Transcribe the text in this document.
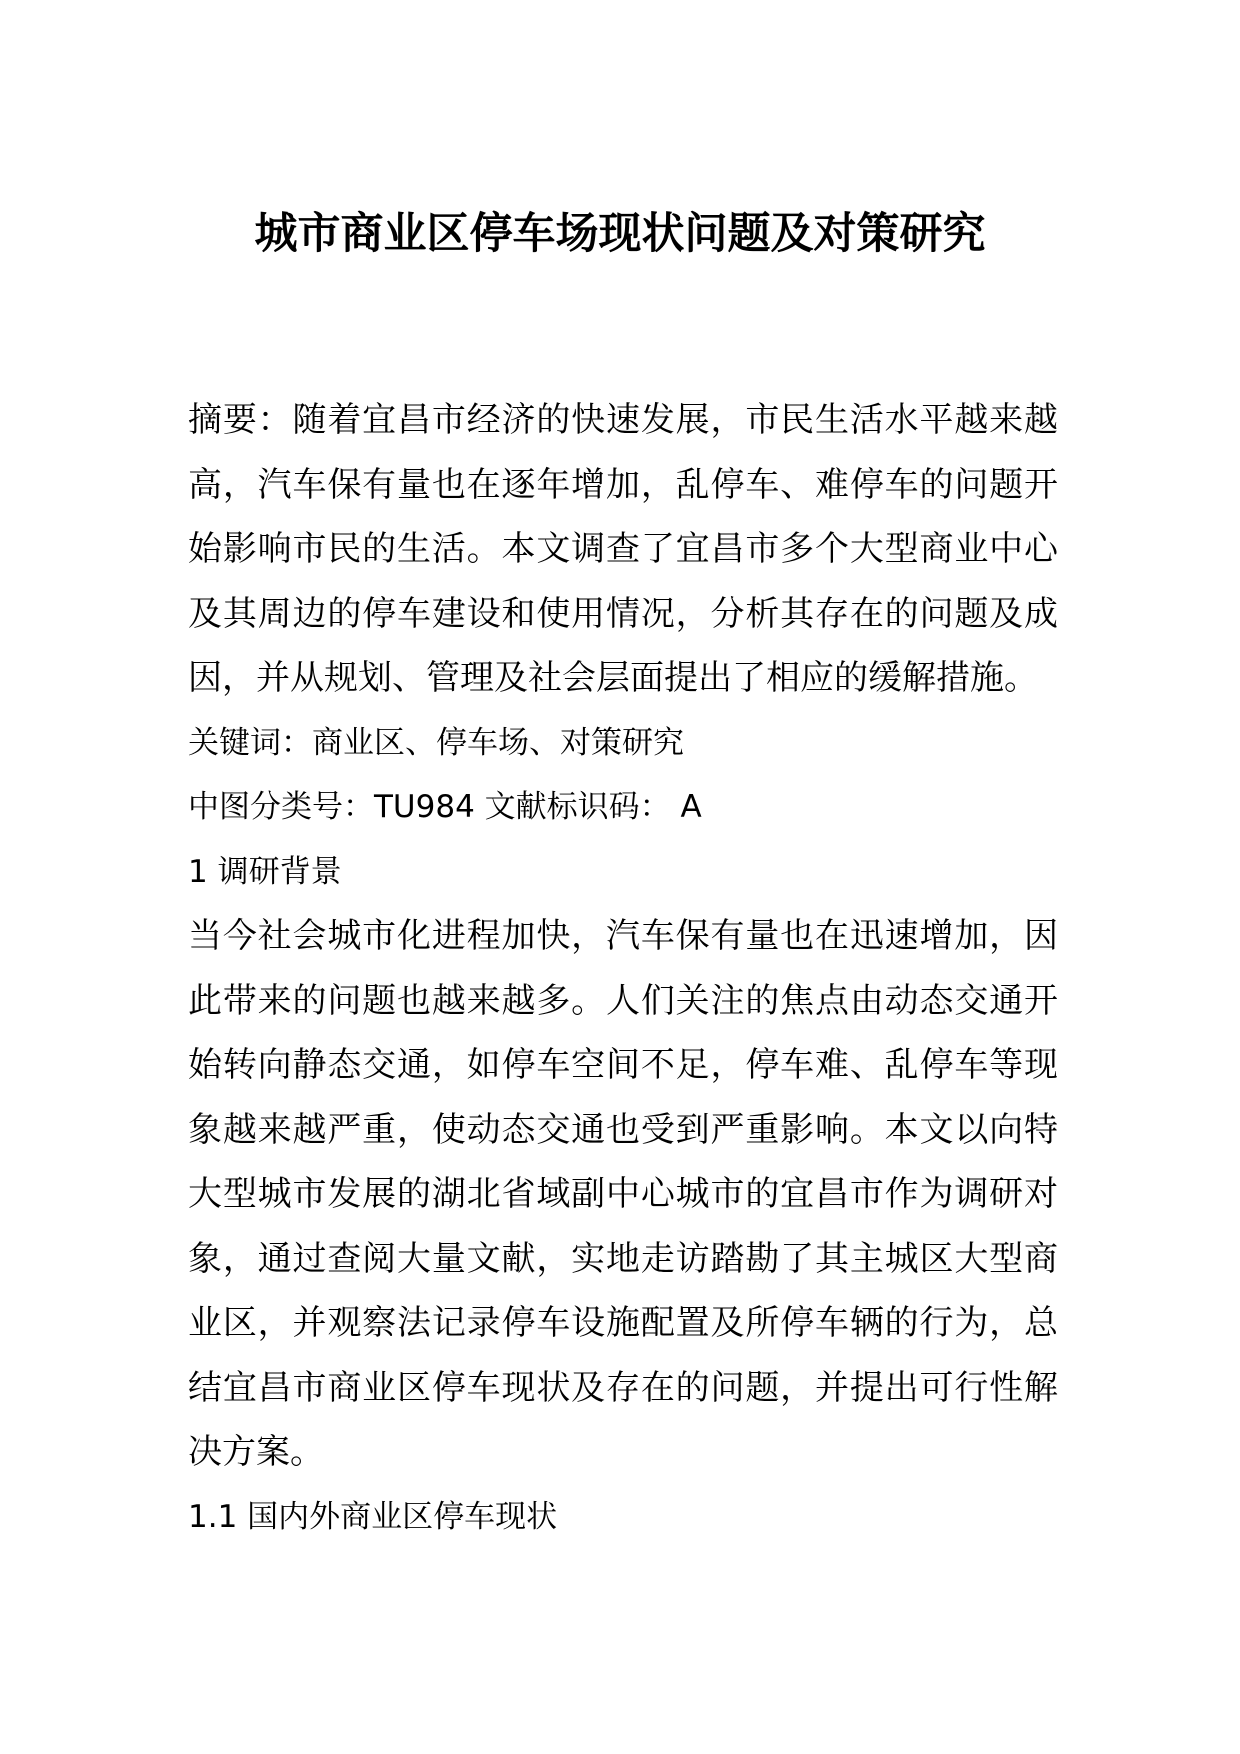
城市商业区停车场现状问题及对策研究

摘要：随着宜昌市经济的快速发展，市民生活水平越来越高，汽车保有量也在逐年增加，乱停车、难停车的问题开始影响市民的生活。本文调查了宜昌市多个大型商业中心及其周边的停车建设和使用情况，分析其存在的问题及成因，并从规划、管理及社会层面提出了相应的缓解措施。

关键词：商业区、停车场、对策研究

中图分类号：TU984 文献标识码： A

1 调研背景

当今社会城市化进程加快，汽车保有量也在迅速增加，因此带来的问题也越来越多。人们关注的焦点由动态交通开始转向静态交通，如停车空间不足，停车难、乱停车等现象越来越严重，使动态交通也受到严重影响。本文以向特大型城市发展的湖北省域副中心城市的宜昌市作为调研对象，通过查阅大量文献，实地走访踏勘了其主城区大型商业区，并观察法记录停车设施配置及所停车辆的行为，总结宜昌市商业区停车现状及存在的问题，并提出可行性解决方案。

1.1 国内外商业区停车现状
